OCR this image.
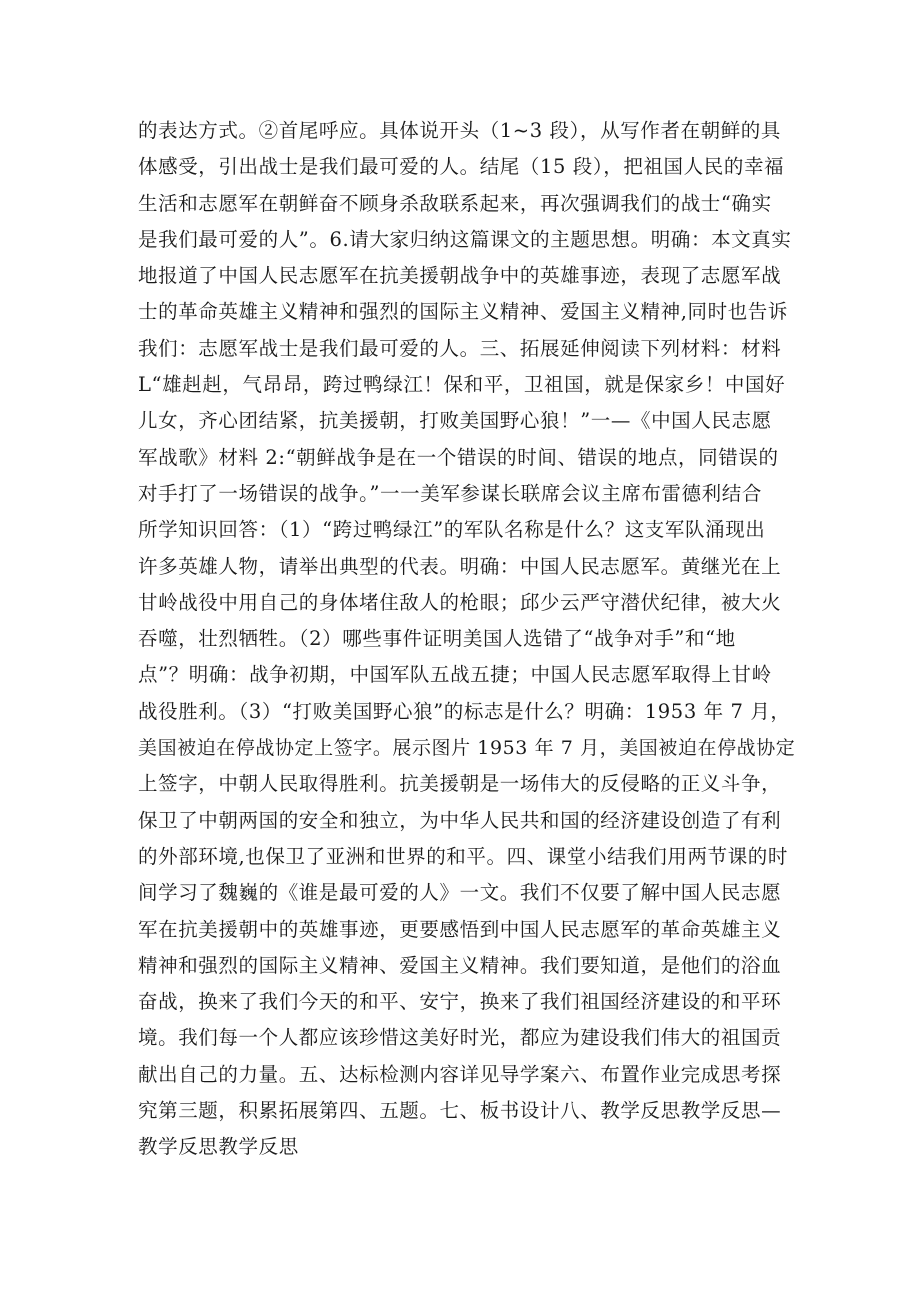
的表达方式。②首尾呼应。具体说开头（1~3 段），从写作者在朝鲜的具
体感受，引出战士是我们最可爱的人。结尾（15 段），把祖国人民的幸福
生活和志愿军在朝鲜奋不顾身杀敌联系起来，再次强调我们的战士“确实
是我们最可爱的人”。6.请大家归纳这篇课文的主题思想。明确：本文真实
地报道了中国人民志愿军在抗美援朝战争中的英雄事迹，表现了志愿军战
士的革命英雄主义精神和强烈的国际主义精神、爱国主义精神,同时也告诉
我们：志愿军战士是我们最可爱的人。三、拓展延伸阅读下列材料：材料
L“雄赳赳，气昂昂，跨过鸭绿江！保和平，卫祖国，就是保家乡！中国好
儿女，齐心团结紧，抗美援朝，打败美国野心狼！”一—《中国人民志愿
军战歌》材料 2:“朝鲜战争是在一个错误的时间、错误的地点，同错误的
对手打了一场错误的战争。”一一美军参谋长联席会议主席布雷德利结合
所学知识回答：（1）“跨过鸭绿江”的军队名称是什么？这支军队涌现出
许多英雄人物，请举出典型的代表。明确：中国人民志愿军。黄继光在上
甘岭战役中用自己的身体堵住敌人的枪眼；邱少云严守潜伏纪律，被大火
吞噬，壮烈牺牲。（2）哪些事件证明美国人选错了“战争对手”和“地
点”？明确：战争初期，中国军队五战五捷；中国人民志愿军取得上甘岭
战役胜利。（3）“打败美国野心狼”的标志是什么？明确：1953 年 7 月，
美国被迫在停战协定上签字。展示图片 1953 年 7 月，美国被迫在停战协定
上签字，中朝人民取得胜利。抗美援朝是一场伟大的反侵略的正义斗争，
保卫了中朝两国的安全和独立，为中华人民共和国的经济建设创造了有利
的外部环境,也保卫了亚洲和世界的和平。四、课堂小结我们用两节课的时
间学习了魏巍的《谁是最可爱的人》一文。我们不仅要了解中国人民志愿
军在抗美援朝中的英雄事迹，更要感悟到中国人民志愿军的革命英雄主义
精神和强烈的国际主义精神、爱国主义精神。我们要知道，是他们的浴血
奋战，换来了我们今天的和平、安宁，换来了我们祖国经济建设的和平环
境。我们每一个人都应该珍惜这美好时光，都应为建设我们伟大的祖国贡
献出自己的力量。五、达标检测内容详见导学案六、布置作业完成思考探
究第三题，积累拓展第四、五题。七、板书设计八、教学反思教学反思—
教学反思教学反思
